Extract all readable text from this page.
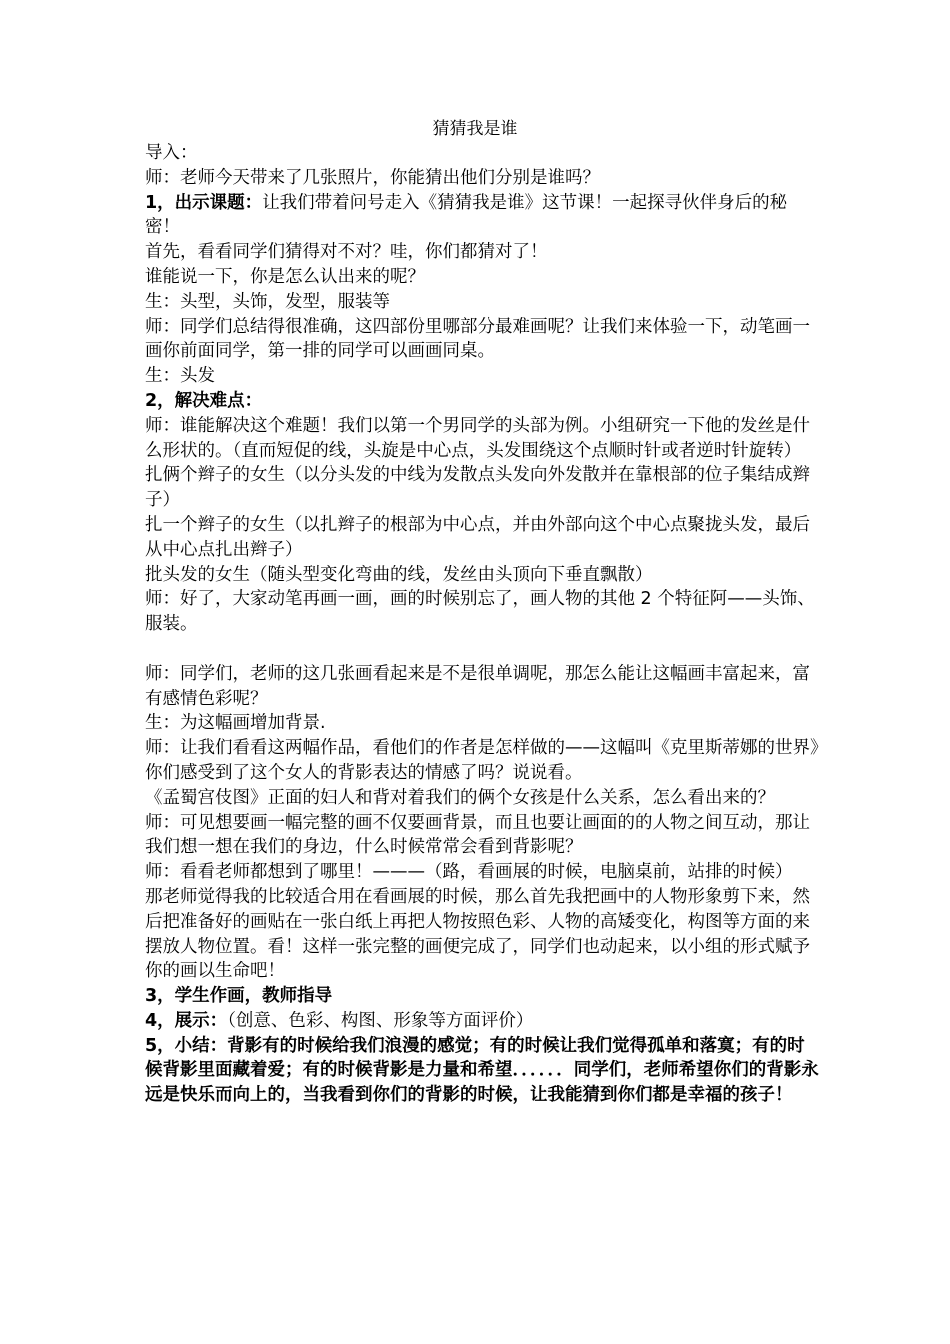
猜猜我是谁

导入：

师：老师今天带来了几张照片，你能猜出他们分别是谁吗？

1，出示课题：让我们带着问号走入《猜猜我是谁》这节课！一起探寻伙伴身后的秘密！

首先，看看同学们猜得对不对？哇，你们都猜对了！

谁能说一下，你是怎么认出来的呢？

生：头型，头饰，发型，服装等

师：同学们总结得很准确，这四部份里哪部分最难画呢？让我们来体验一下，动笔画一画你前面同学，第一排的同学可以画画同桌。

生：头发

2，解决难点：

师：谁能解决这个难题！我们以第一个男同学的头部为例。小组研究一下他的发丝是什么形状的。（直而短促的线，头旋是中心点，头发围绕这个点顺时针或者逆时针旋转）

扎俩个辫子的女生（以分头发的中线为发散点头发向外发散并在靠根部的位子集结成辫子）

扎一个辫子的女生（以扎辫子的根部为中心点，并由外部向这个中心点聚拢头发，最后从中心点扎出辫子）

批头发的女生（随头型变化弯曲的线，发丝由头顶向下垂直飘散）

师：好了，大家动笔再画一画，画的时候别忘了，画人物的其他 2 个特征阿——头饰、服装。

师：同学们，老师的这几张画看起来是不是很单调呢，那怎么能让这幅画丰富起来，富有感情色彩呢？

生：为这幅画增加背景.

师：让我们看看这两幅作品，看他们的作者是怎样做的——这幅叫《克里斯蒂娜的世界》你们感受到了这个女人的背影表达的情感了吗？说说看。

《孟蜀宫伎图》正面的妇人和背对着我们的俩个女孩是什么关系，怎么看出来的？

师：可见想要画一幅完整的画不仅要画背景，而且也要让画面的的人物之间互动，那让我们想一想在我们的身边，什么时候常常会看到背影呢？

师：看看老师都想到了哪里！———（路，看画展的时候，电脑桌前，站排的时候）

那老师觉得我的比较适合用在看画展的时候，那么首先我把画中的人物形象剪下来，然后把准备好的画贴在一张白纸上再把人物按照色彩、人物的高矮变化，构图等方面的来摆放人物位置。看！这样一张完整的画便完成了，同学们也动起来，以小组的形式赋予你的画以生命吧！

3，学生作画，教师指导

4，展示：（创意、色彩、构图、形象等方面评价）

5，小结：背影有的时候给我们浪漫的感觉；有的时候让我们觉得孤单和落寞；有的时候背影里面藏着爱；有的时候背影是力量和希望．．．．．．同学们，老师希望你们的背影永远是快乐而向上的，当我看到你们的背影的时候，让我能猜到你们都是幸福的孩子！
